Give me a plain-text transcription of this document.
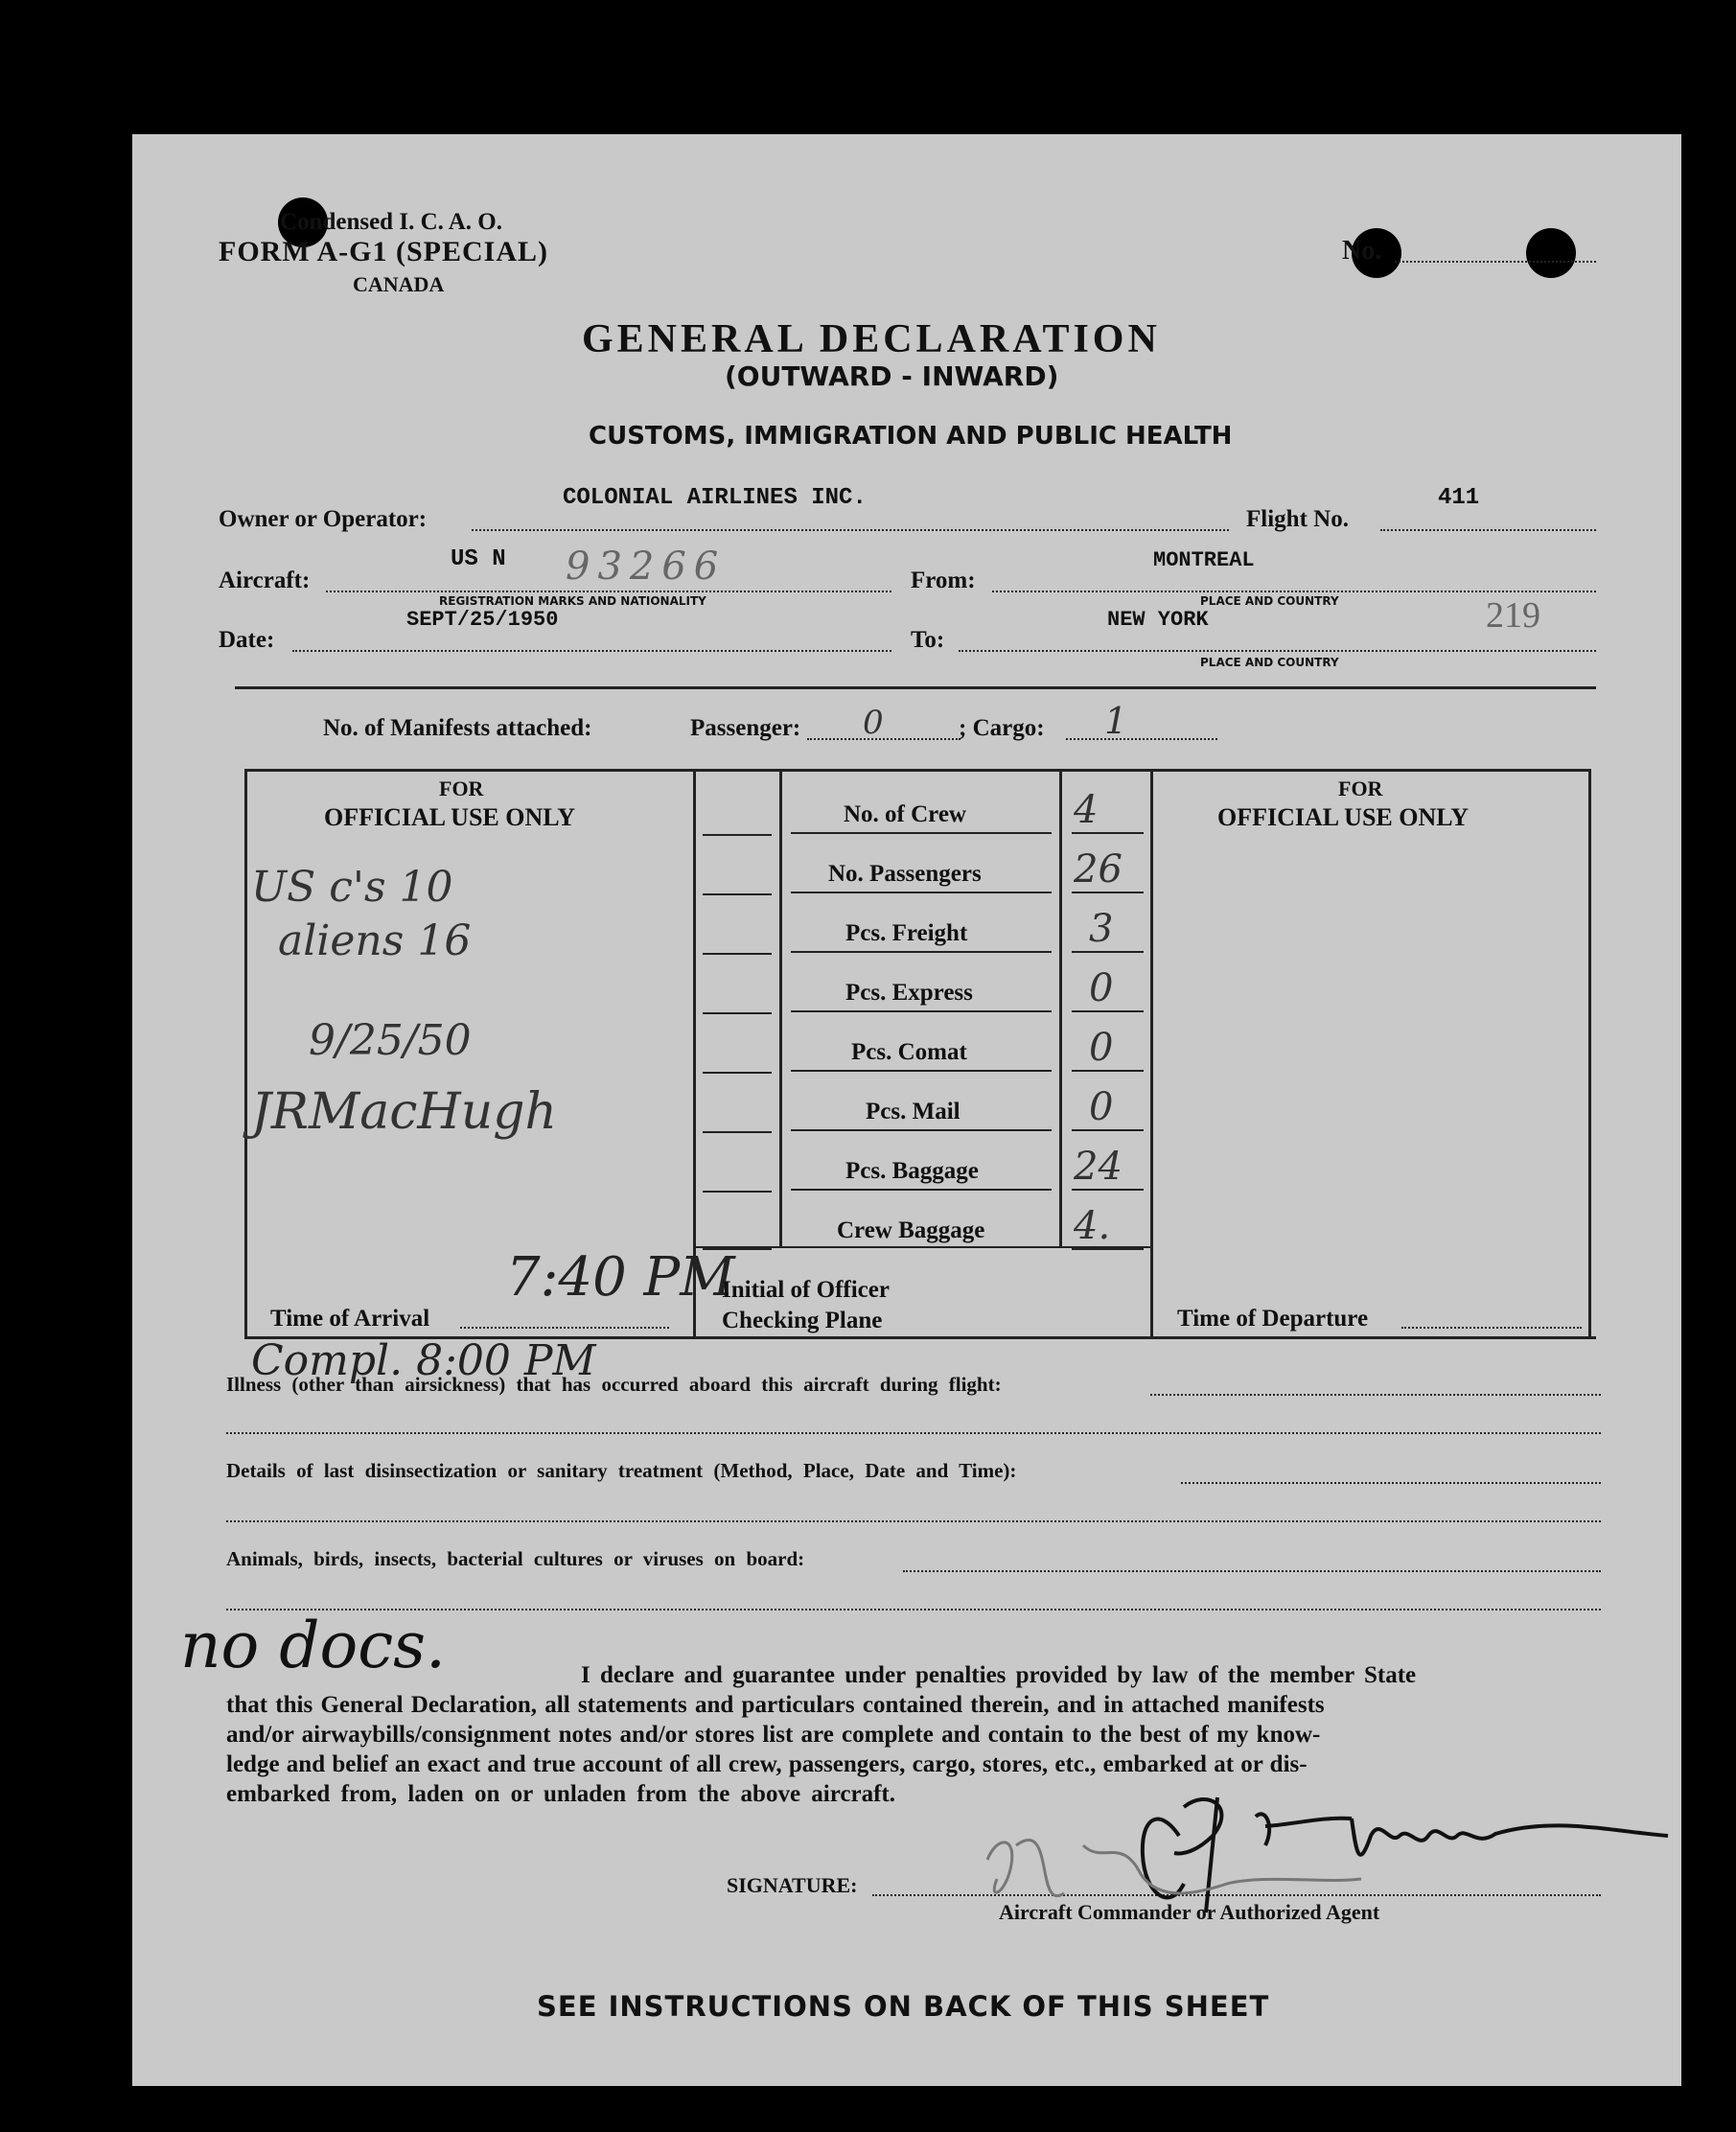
Condensed I. C. A. O.
FORM A-G1 (SPECIAL)
CANADA
No.
GENERAL DECLARATION
(OUTWARD - INWARD)
CUSTOMS, IMMIGRATION AND PUBLIC HEALTH
Owner or Operator:
COLONIAL AIRLINES INC.
Flight No.
411
Aircraft:
US N 93266
REGISTRATION MARKS AND NATIONALITY
From:
MONTREAL
PLACE AND COUNTRY
Date:
SEPT/25/1950
To:
NEW YORK
PLACE AND COUNTRY
219
No. of Manifests attached:	Passenger: 0	; Cargo: 1
FOR
OFFICIAL USE ONLY
FOR
OFFICIAL USE ONLY
US c's 10
aliens 16
9/25/50
JRMacHugh
No. of Crew	4
No. Passengers 26
Pcs. Freight	3
Pcs. Express	0
Pcs. Comat	0
Pcs. Mail	0
Pcs. Baggage 24
Crew Baggage 4.
Time of Arrival
7:40 PM
Initial of Officer
Checking Plane	Time of Departure
Compl. 8:00 PM
Illness (other than airsickness) that has occurred aboard this aircraft during flight:
Details of last disinsectization or sanitary treatment (Method, Place, Date and Time):
Animals, birds, insects, bacterial cultures or viruses on board:
no docs.	I declare and guarantee under penalties provided by law of the member State
that this General Declaration, all statements and particulars contained therein, and in attached manifests
and/or airwaybills/consignment notes and/or stores list are complete and contain to the best of my know-
ledge and belief an exact and true account of all crew, passengers, cargo, stores, etc., embarked at or dis-
embarked from, laden on or unladen from the above aircraft.
SIGNATURE:
Aircraft Commander or Authorized Agent
SEE INSTRUCTIONS ON BACK OF THIS SHEET
